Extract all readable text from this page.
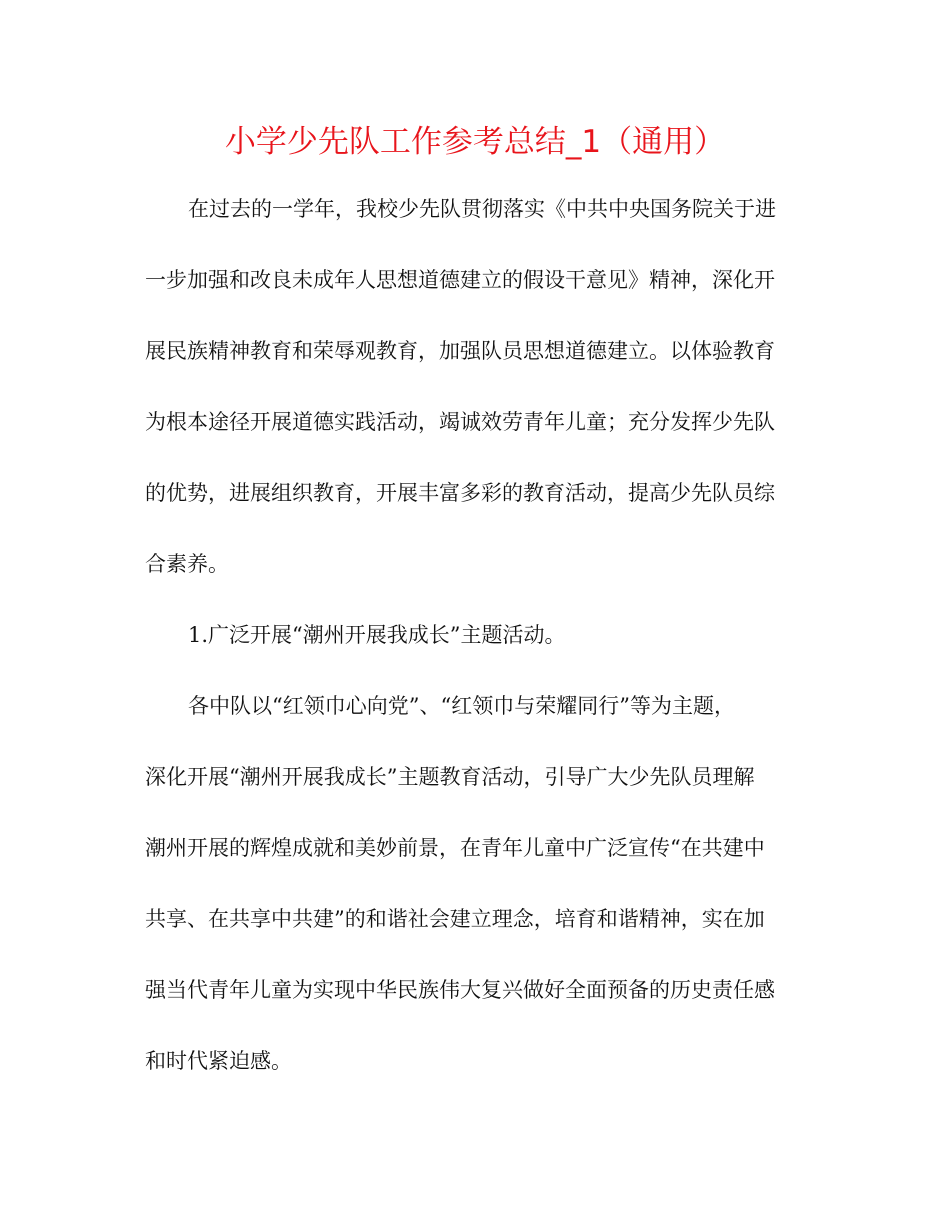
小学少先队工作参考总结_1（通用）

在过去的一学年，我校少先队贯彻落实《中共中央国务院关于进
一步加强和改良未成年人思想道德建立的假设干意见》精神，深化开
展民族精神教育和荣辱观教育，加强队员思想道德建立。以体验教育
为根本途径开展道德实践活动，竭诚效劳青年儿童；充分发挥少先队
的优势，进展组织教育，开展丰富多彩的教育活动，提高少先队员综
合素养。

1.广泛开展“潮州开展我成长”主题活动。

各中队以“红领巾心向党”、“红领巾与荣耀同行”等为主题，
深化开展“潮州开展我成长”主题教育活动，引导广大少先队员理解
潮州开展的辉煌成就和美妙前景，在青年儿童中广泛宣传“在共建中
共享、在共享中共建”的和谐社会建立理念，培育和谐精神，实在加
强当代青年儿童为实现中华民族伟大复兴做好全面预备的历史责任感
和时代紧迫感。
